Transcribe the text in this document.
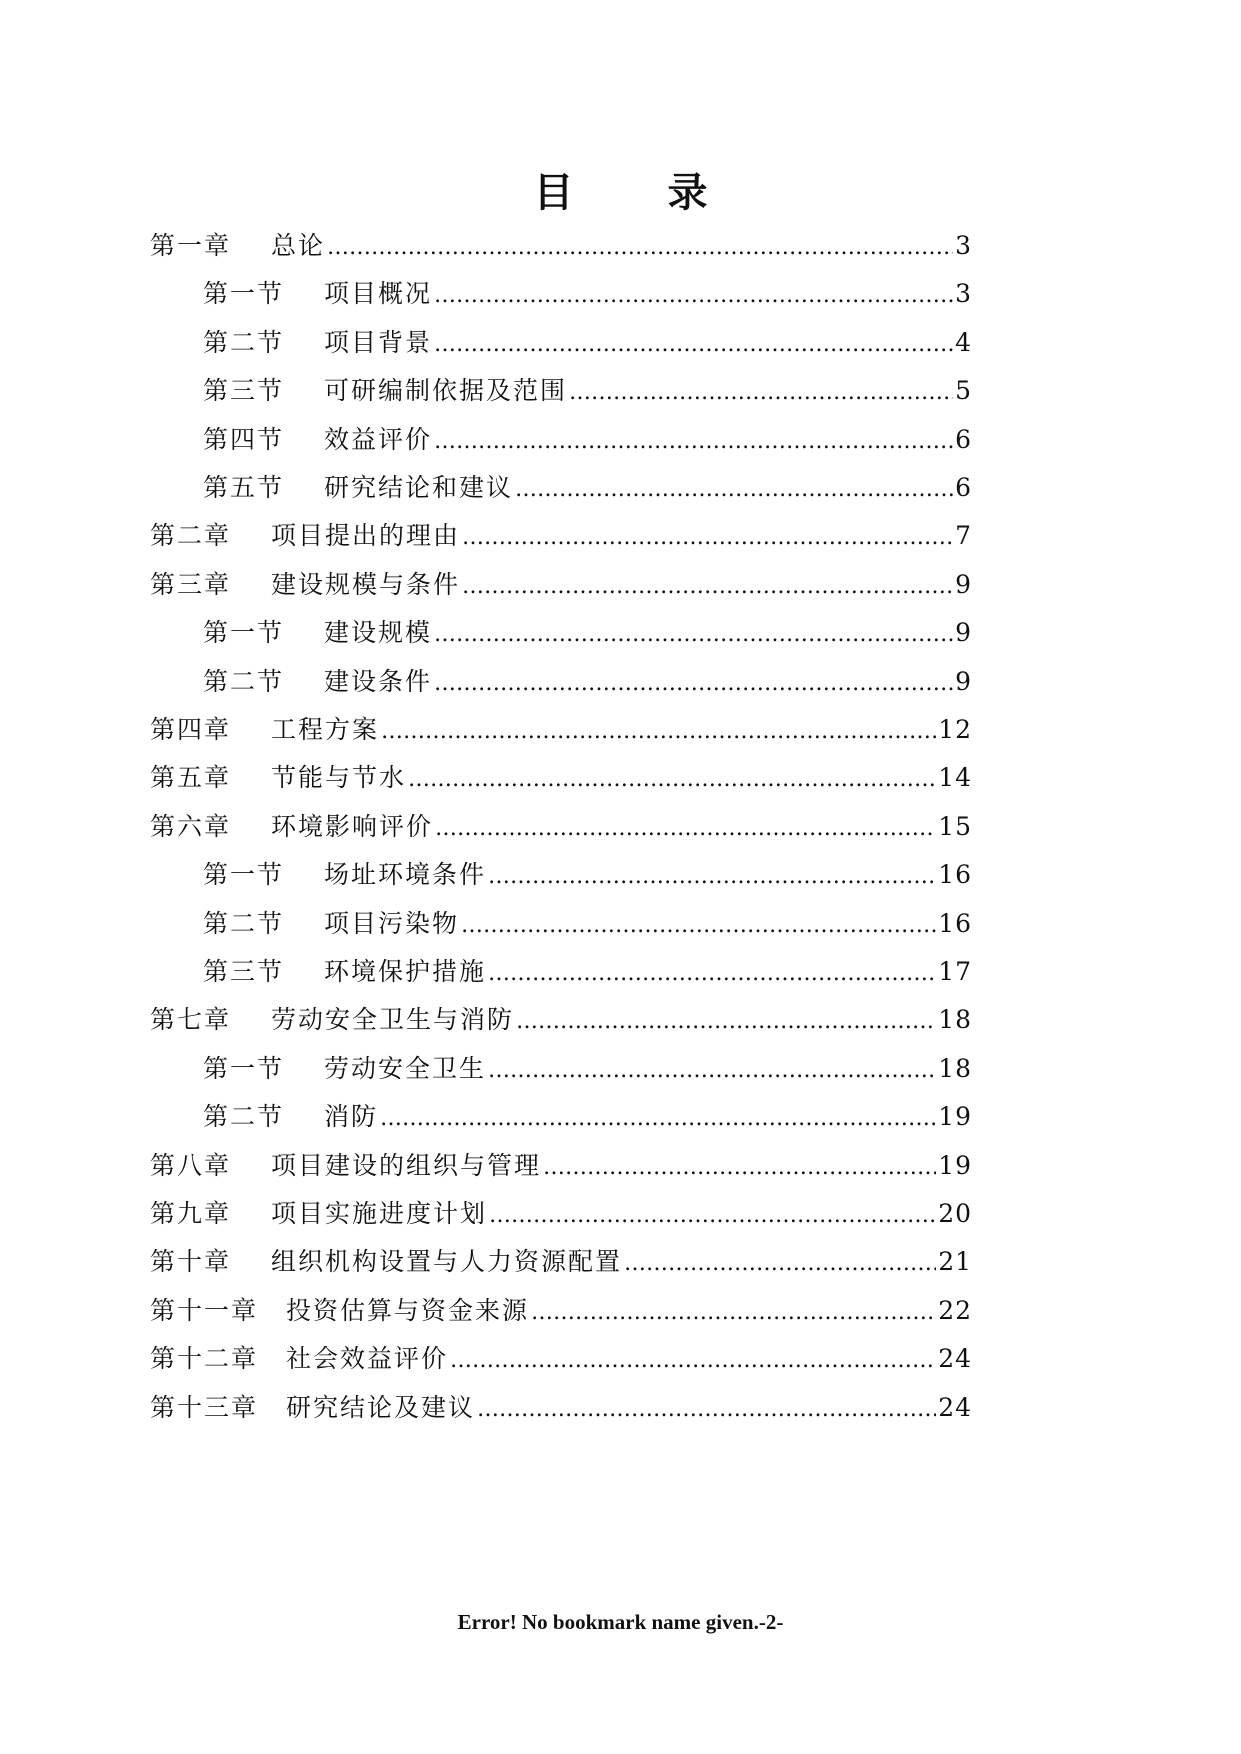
目 录
第一章 总论 …………………………………………………………………………………………………………………………………………………………………………………………………………………………………………………………	3
第一节 项目概况 …………………………………………………………………………………………………………………………………………………………………………………………………………………………………………………………	3
第二节 项目背景 …………………………………………………………………………………………………………………………………………………………………………………………………………………………………………………………	4
第三节 可研编制依据及范围 …………………………………………………………………………………………………………………………………………………………………………………………………………………………………………………………	5
第四节 效益评价 …………………………………………………………………………………………………………………………………………………………………………………………………………………………………………………………	6
第五节 研究结论和建议 …………………………………………………………………………………………………………………………………………………………………………………………………………………………………………………………	6
第二章 项目提出的理由 …………………………………………………………………………………………………………………………………………………………………………………………………………………………………………………………	7
第三章 建设规模与条件 …………………………………………………………………………………………………………………………………………………………………………………………………………………………………………………………	9
第一节 建设规模 …………………………………………………………………………………………………………………………………………………………………………………………………………………………………………………………	9
第二节 建设条件 …………………………………………………………………………………………………………………………………………………………………………………………………………………………………………………………	9
第四章 工程方案 …………………………………………………………………………………………………………………………………………………………………………………………………………………………………………………………	12
第五章 节能与节水 …………………………………………………………………………………………………………………………………………………………………………………………………………………………………………………………	14
第六章 环境影响评价 …………………………………………………………………………………………………………………………………………………………………………………………………………………………………………………………	15
第一节 场址环境条件 …………………………………………………………………………………………………………………………………………………………………………………………………………………………………………………………	16
第二节 项目污染物 …………………………………………………………………………………………………………………………………………………………………………………………………………………………………………………………	16
第三节 环境保护措施 …………………………………………………………………………………………………………………………………………………………………………………………………………………………………………………………	17
第七章 劳动安全卫生与消防 …………………………………………………………………………………………………………………………………………………………………………………………………………………………………………………………	18
第一节 劳动安全卫生 …………………………………………………………………………………………………………………………………………………………………………………………………………………………………………………………	18
第二节 消防 …………………………………………………………………………………………………………………………………………………………………………………………………………………………………………………………	19
第八章 项目建设的组织与管理 …………………………………………………………………………………………………………………………………………………………………………………………………………………………………………………………	19
第九章 项目实施进度计划 …………………………………………………………………………………………………………………………………………………………………………………………………………………………………………………………	20
第十章 组织机构设置与人力资源配置 …………………………………………………………………………………………………………………………………………………………………………………………………………………………………………………………	21
第十一章 投资估算与资金来源 …………………………………………………………………………………………………………………………………………………………………………………………………………………………………………………………	22
第十二章 社会效益评价 …………………………………………………………………………………………………………………………………………………………………………………………………………………………………………………………	24
第十三章 研究结论及建议 …………………………………………………………………………………………………………………………………………………………………………………………………………………………………………………………	24
Error! No bookmark name given.-2-
